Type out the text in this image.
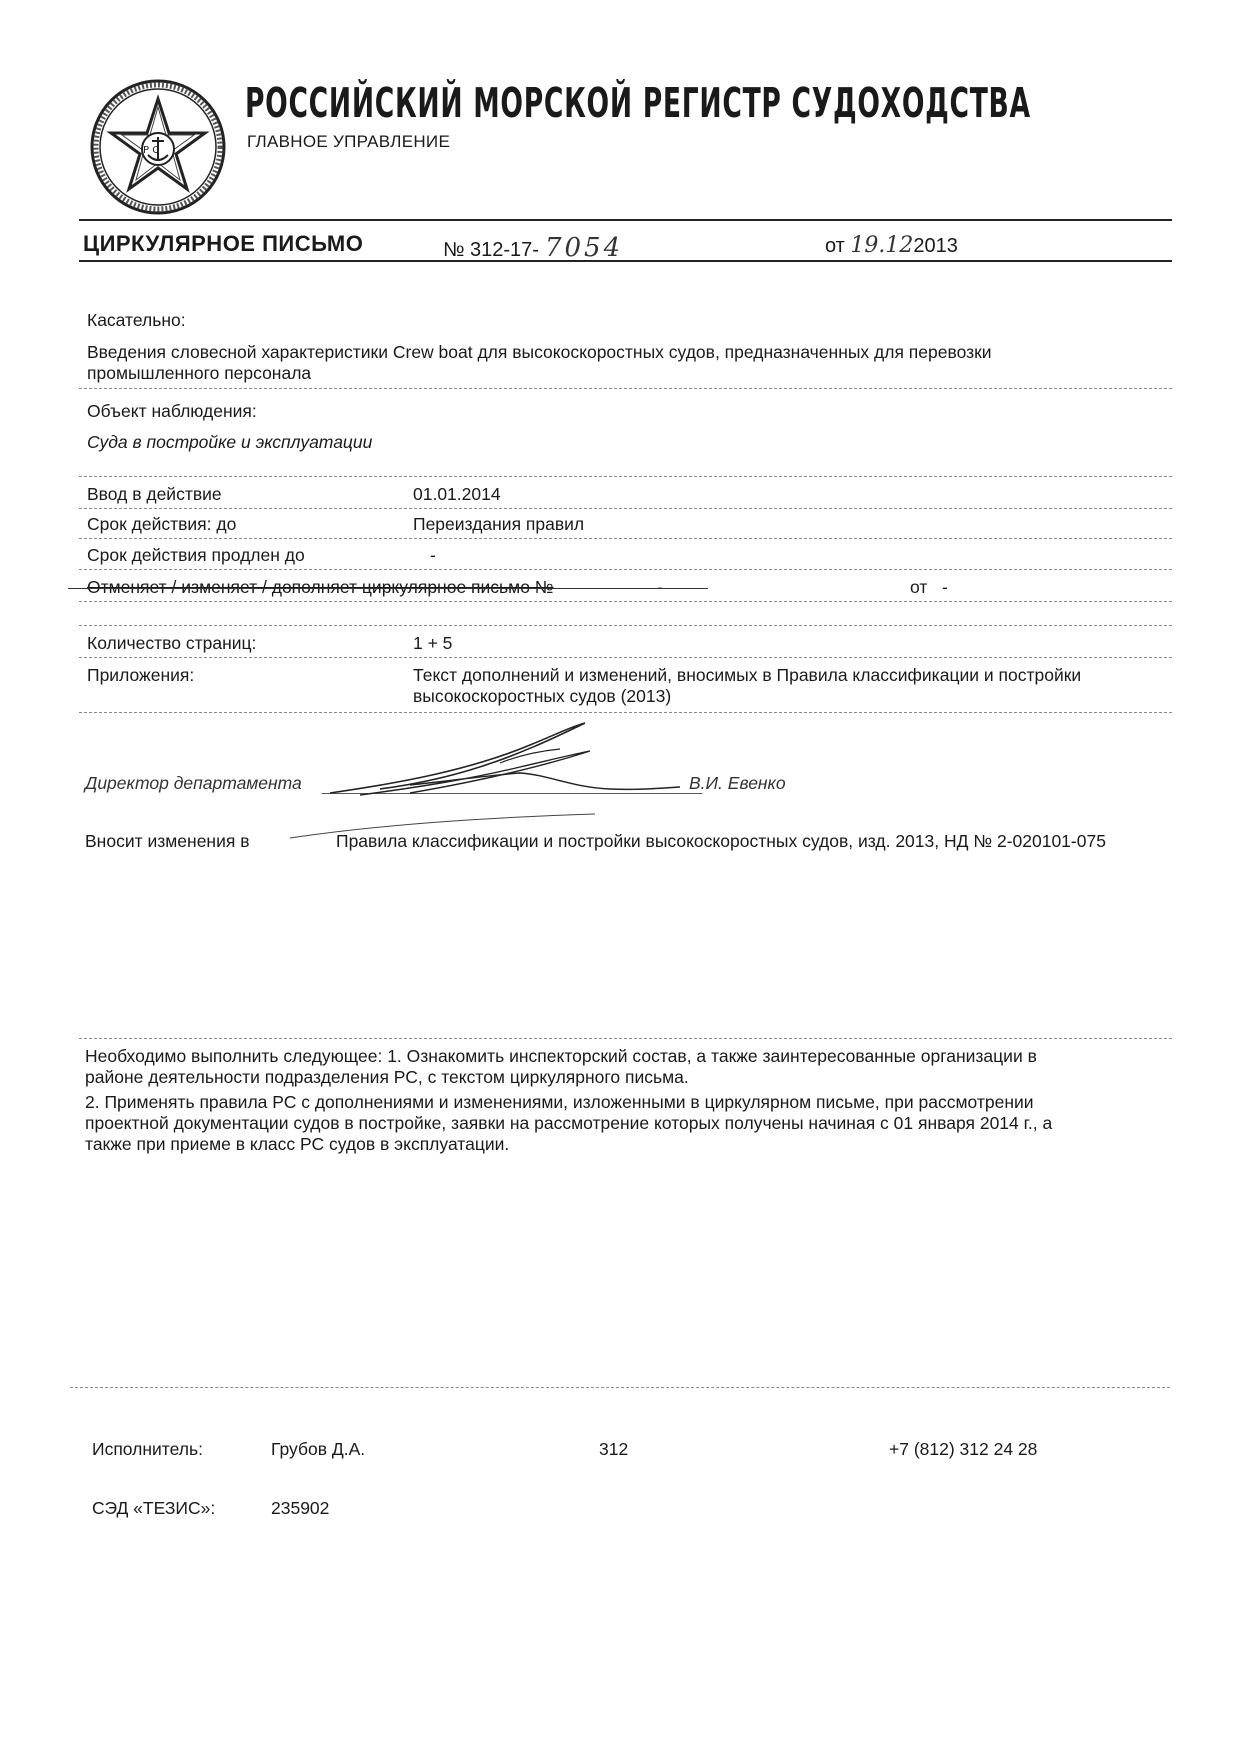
Р С
РОССИЙСКИЙ МОРСКОЙ РЕГИСТР СУДОХОДСТВА
ГЛАВНОЕ УПРАВЛЕНИЕ
ЦИРКУЛЯРНОЕ ПИСЬМО	№ 312-17- 7054	от 19.122013
Касательно:
Введения словесной характеристики Crew boat для высокоскоростных судов, предназначенных для перевозки промышленного персонала
Объект наблюдения:
Суда в постройке и эксплуатации
Ввод в действие	01.01.2014
Срок действия: до	Переиздания правил
Срок действия продлен до	-
Отменяет / изменяет / дополняет циркулярное письмо №	-	от -
Количество страниц:	1 + 5
Приложения:	Текст дополнений и изменений, вносимых в Правила классификации и постройки высокоскоростных судов (2013)
Директор департамента	В.И. Евенко
Вносит изменения в	Правила классификации и постройки высокоскоростных судов, изд. 2013, НД № 2-020101-075
Необходимо выполнить следующее: 1. Ознакомить инспекторский состав, а также заинтересованные организации в районе деятельности подразделения РС, с текстом циркулярного письма.
2. Применять правила РС с дополнениями и изменениями, изложенными в циркулярном письме, при рассмотрении проектной документации судов в постройке, заявки на рассмотрение которых получены начиная с 01 января 2014 г., а также при приеме в класс РС судов в эксплуатации.
Исполнитель:	Грубов Д.А.	312	+7 (812) 312 24 28
СЭД «ТЕЗИС»:	235902
